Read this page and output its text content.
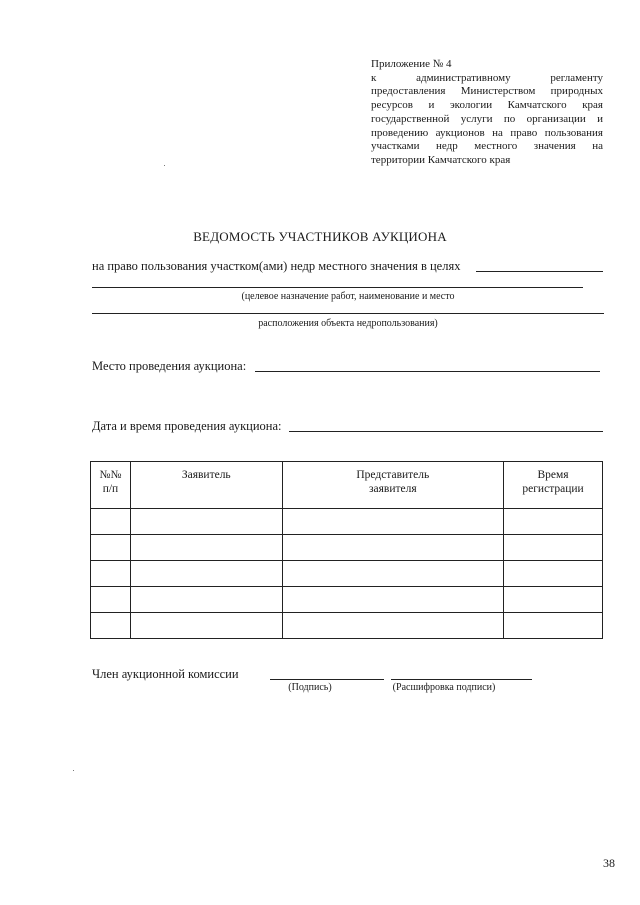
Приложение № 4
к административному регламенту
предоставления Министерством природных
ресурсов и экологии Камчатского края
государственной услуги по организации и
проведению аукционов на право пользования
участками недр местного значения на
территории Камчатского края
ВЕДОМОСТЬ УЧАСТНИКОВ АУКЦИОНА
на право пользования участком(ами) недр местного значения в целях
(целевое назначение работ, наименование и место
расположения объекта недропользования)
Место проведения аукциона:
Дата и время проведения аукциона:
№№ п/п	Заявитель	Представитель заявителя	Время регистрации

Член аукционной комиссии
(Подпись)	(Расшифровка подписи)
38
